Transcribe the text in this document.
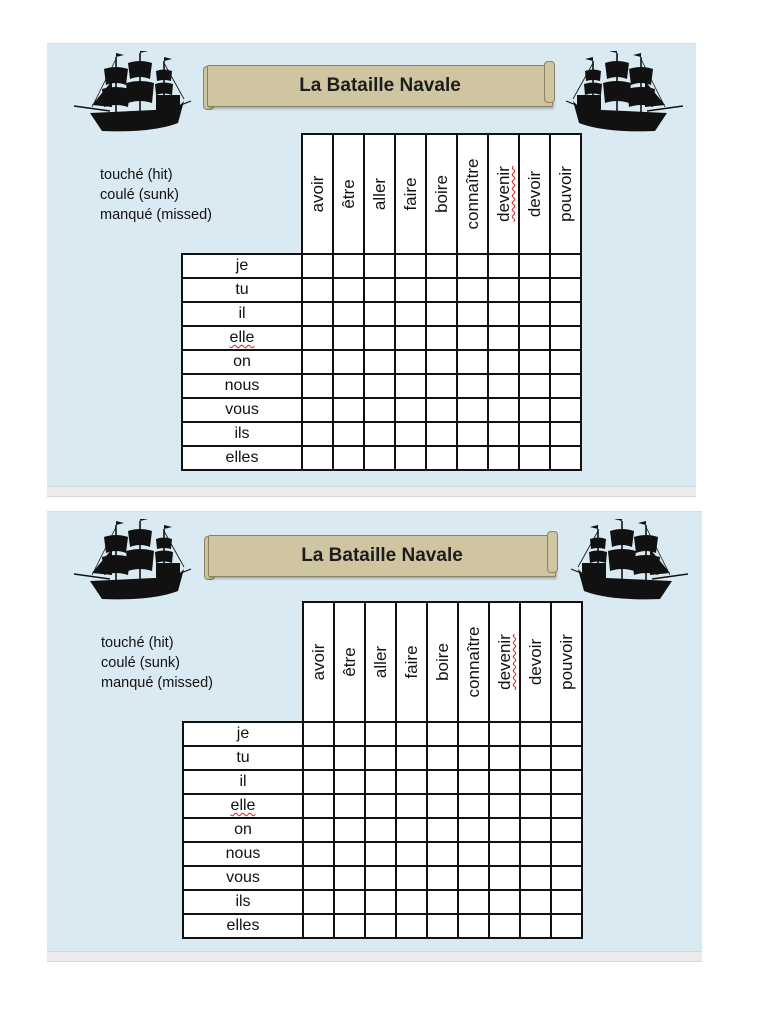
La Bataille Navale
touché (hit)
coulé (sunk)
manqué (missed)

	avoir	être	aller	faire	boire	connaître	devenir	devoir	pouvoir

je									
tu									
il									
elle									
on									
nous									
vous									
ils									
elles									
La Bataille Navale
touché (hit)
coulé (sunk)
manqué (missed)

	avoir	être	aller	faire	boire	connaître	devenir	devoir	pouvoir

je									
tu									
il									
elle									
on									
nous									
vous									
ils									
elles									
